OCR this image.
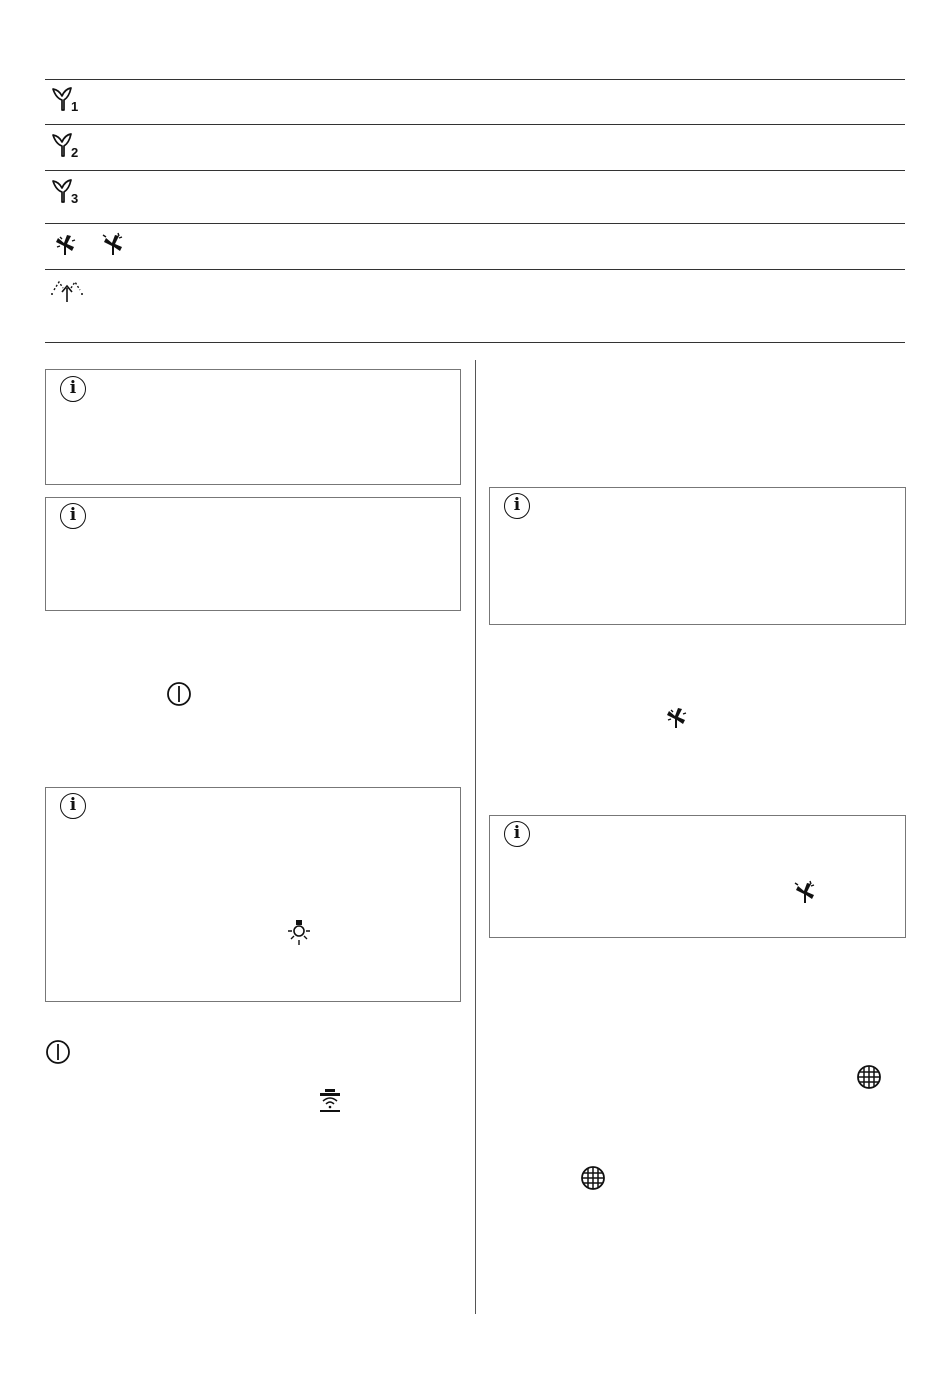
1
2
3
i
i
i
i
i
